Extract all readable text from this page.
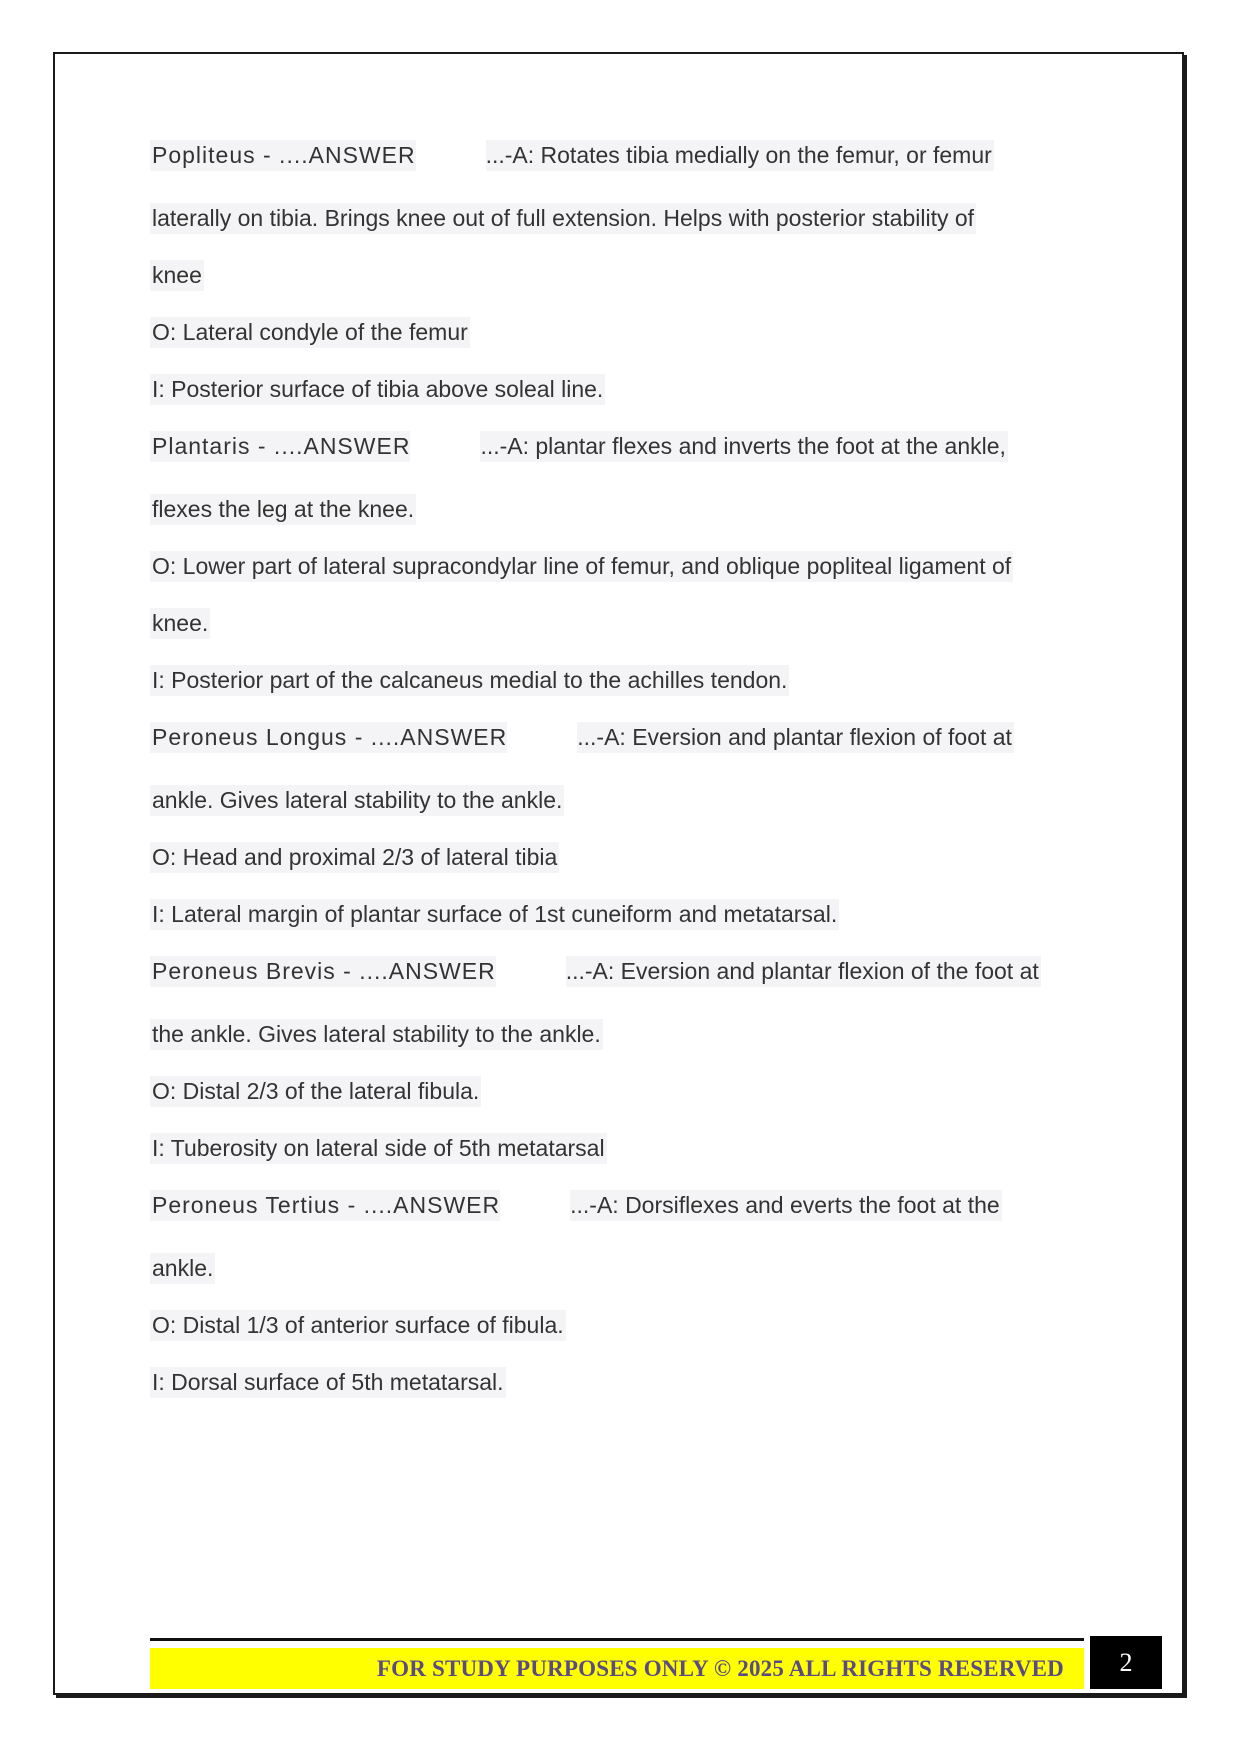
Popliteus - ....ANSWER	...-A: Rotates tibia medially on the femur, or femur
laterally on tibia. Brings knee out of full extension. Helps with posterior stability of
knee
O: Lateral condyle of the femur
I: Posterior surface of tibia above soleal line.
Plantaris - ....ANSWER	...-A: plantar flexes and inverts the foot at the ankle,
flexes the leg at the knee.
O: Lower part of lateral supracondylar line of femur, and oblique popliteal ligament of
knee.
I: Posterior part of the calcaneus medial to the achilles tendon.
Peroneus Longus - ....ANSWER	...-A: Eversion and plantar flexion of foot at
ankle. Gives lateral stability to the ankle.
O: Head and proximal 2/3 of lateral tibia
I: Lateral margin of plantar surface of 1st cuneiform and metatarsal.
Peroneus Brevis - ....ANSWER	...-A: Eversion and plantar flexion of the foot at
the ankle. Gives lateral stability to the ankle.
O: Distal 2/3 of the lateral fibula.
I: Tuberosity on lateral side of 5th metatarsal
Peroneus Tertius - ....ANSWER	...-A: Dorsiflexes and everts the foot at the
ankle.
O: Distal 1/3 of anterior surface of fibula.
I: Dorsal surface of 5th metatarsal.
FOR STUDY PURPOSES ONLY © 2025 ALL RIGHTS RESERVED	2
